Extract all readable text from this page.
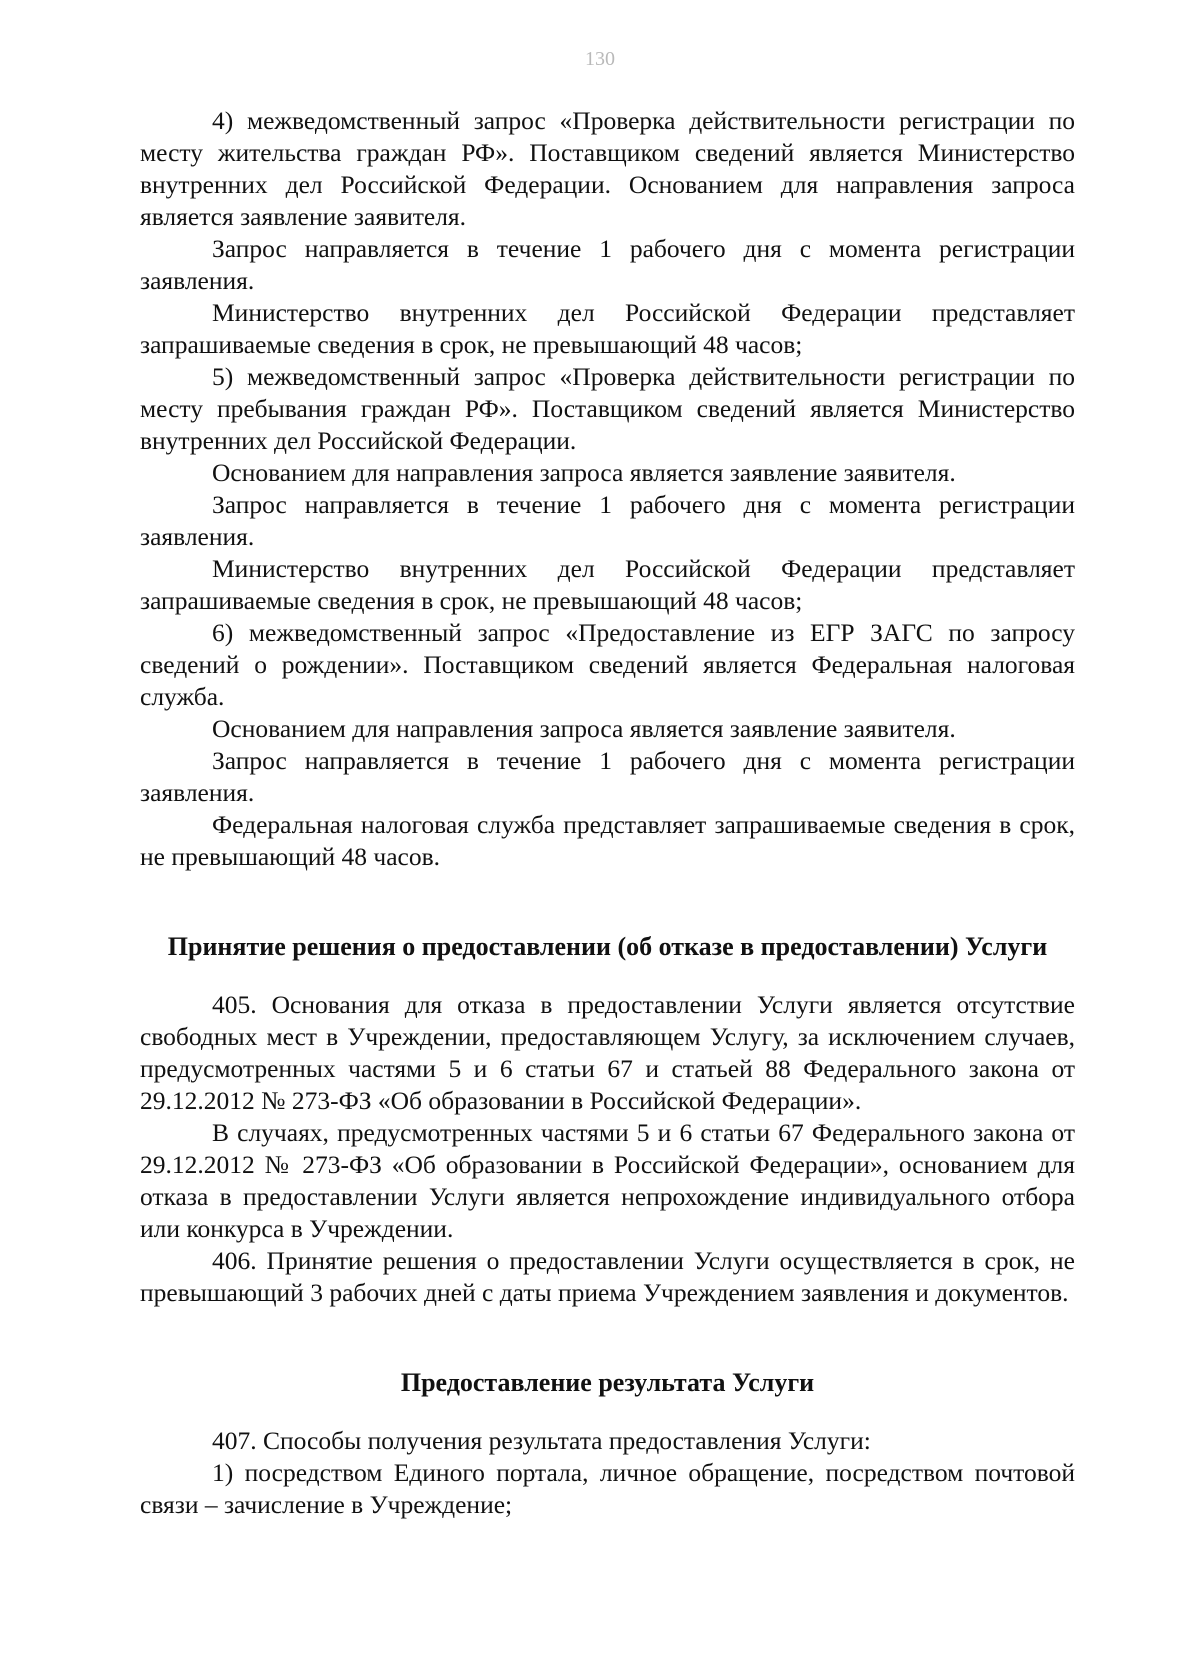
130

4) межведомственный запрос «Проверка действительности регистрации по месту жительства граждан РФ». Поставщиком сведений является Министерство внутренних дел Российской Федерации. Основанием для направления запроса является заявление заявителя.

Запрос направляется в течение 1 рабочего дня с момента регистрации заявления.

Министерство внутренних дел Российской Федерации представляет запрашиваемые сведения в срок, не превышающий 48 часов;

5) межведомственный запрос «Проверка действительности регистрации по месту пребывания граждан РФ». Поставщиком сведений является Министерство внутренних дел Российской Федерации.

Основанием для направления запроса является заявление заявителя.

Запрос направляется в течение 1 рабочего дня с момента регистрации заявления.

Министерство внутренних дел Российской Федерации представляет запрашиваемые сведения в срок, не превышающий 48 часов;

6) межведомственный запрос «Предоставление из ЕГР ЗАГС по запросу сведений о рождении». Поставщиком сведений является Федеральная налоговая служба.

Основанием для направления запроса является заявление заявителя.

Запрос направляется в течение 1 рабочего дня с момента регистрации заявления.

Федеральная налоговая служба представляет запрашиваемые сведения в срок, не превышающий 48 часов.

Принятие решения о предоставлении (об отказе в предоставлении) Услуги

405. Основания для отказа в предоставлении Услуги является отсутствие свободных мест в Учреждении, предоставляющем Услугу, за исключением случаев, предусмотренных частями 5 и 6 статьи 67 и статьей 88 Федерального закона от 29.12.2012 № 273-ФЗ «Об образовании в Российской Федерации».

В случаях, предусмотренных частями 5 и 6 статьи 67 Федерального закона от 29.12.2012 № 273-ФЗ «Об образовании в Российской Федерации», основанием для отказа в предоставлении Услуги является непрохождение индивидуального отбора или конкурса в Учреждении.

406. Принятие решения о предоставлении Услуги осуществляется в срок, не превышающий 3 рабочих дней с даты приема Учреждением заявления и документов.

Предоставление результата Услуги

407. Способы получения результата предоставления Услуги:

1) посредством Единого портала, личное обращение, посредством почтовой связи – зачисление в Учреждение;
